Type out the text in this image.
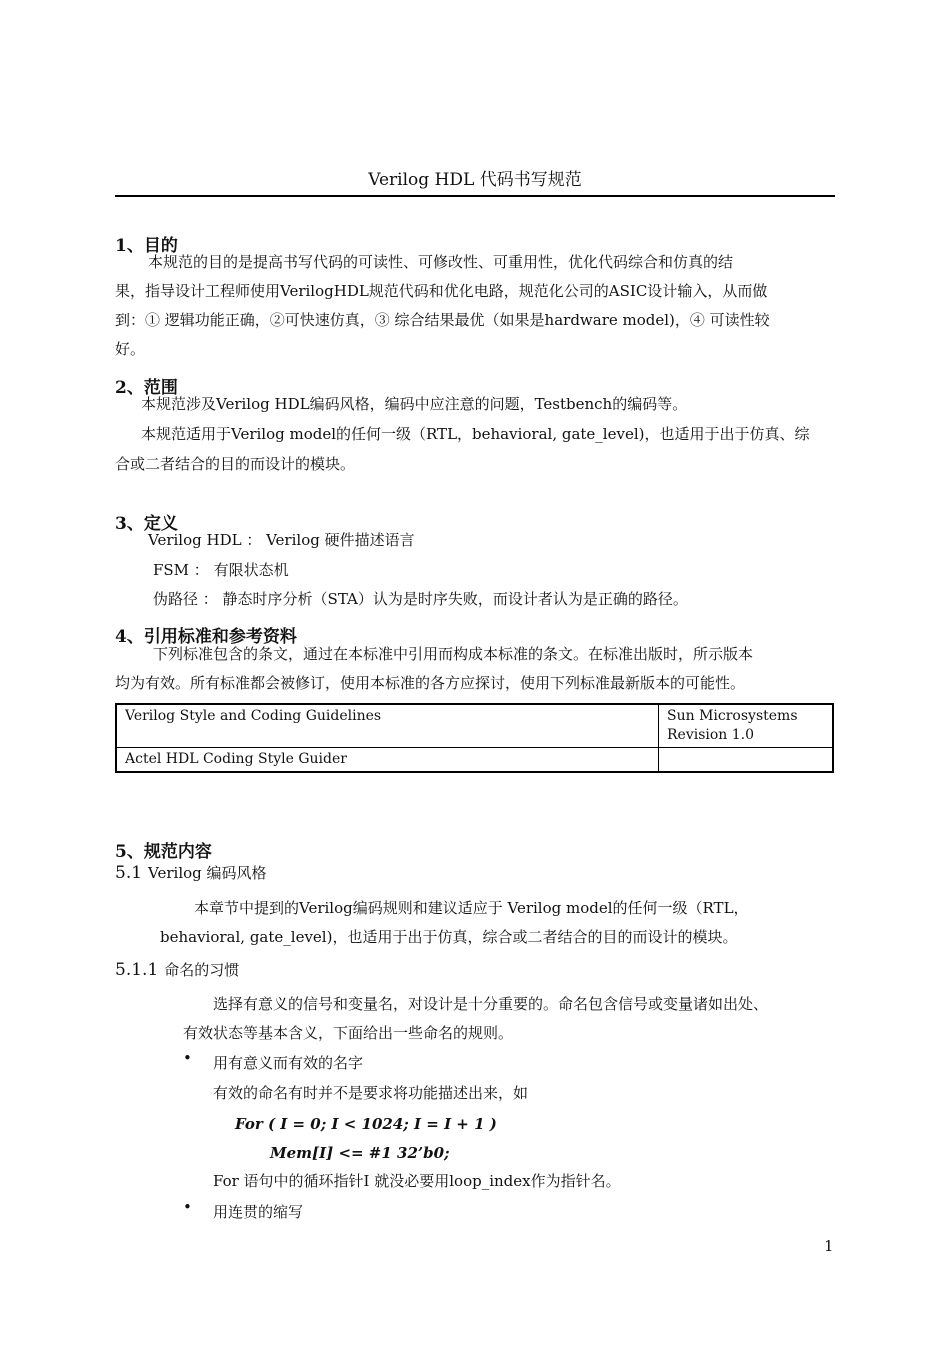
Verilog HDL 代码书写规范
1、目的
本规范的目的是提高书写代码的可读性、可修改性、可重用性，优化代码综合和仿真的结
果，指导设计工程师使用VerilogHDL规范代码和优化电路，规范化公司的ASIC设计输入，从而做
到：① 逻辑功能正确，②可快速仿真，③ 综合结果最优（如果是hardware model)，④ 可读性较
好。
2、范围
本规范涉及Verilog HDL编码风格，编码中应注意的问题，Testbench的编码等。
本规范适用于Verilog model的任何一级（RTL，behavioral, gate_level)，也适用于出于仿真、综
合或二者结合的目的而设计的模块。
3、定义
Verilog HDL ： Verilog 硬件描述语言
FSM ： 有限状态机
伪路径 ： 静态时序分析（STA）认为是时序失败，而设计者认为是正确的路径。
4、引用标准和参考资料
下列标准包含的条文，通过在本标准中引用而构成本标准的条文。在标准出版时，所示版本
均为有效。所有标准都会被修订，使用本标准的各方应探讨，使用下列标准最新版本的可能性。
Verilog Style and Coding Guidelines	Sun Microsystems
Revision 1.0

Actel HDL Coding Style Guider	
5、规范内容
5.1 Verilog 编码风格
本章节中提到的Verilog编码规则和建议适应于 Verilog model的任何一级（RTL，
behavioral, gate_level)，也适用于出于仿真，综合或二者结合的目的而设计的模块。
5.1.1 命名的习惯
选择有意义的信号和变量名，对设计是十分重要的。命名包含信号或变量诸如出处、
有效状态等基本含义，下面给出一些命名的规则。
• 用有意义而有效的名字
有效的命名有时并不是要求将功能描述出来，如
For ( I = 0; I < 1024; I = I + 1 )
Mem[I] <= #1 32’b0;
For 语句中的循环指针I 就没必要用loop_index作为指针名。
• 用连贯的缩写
1
